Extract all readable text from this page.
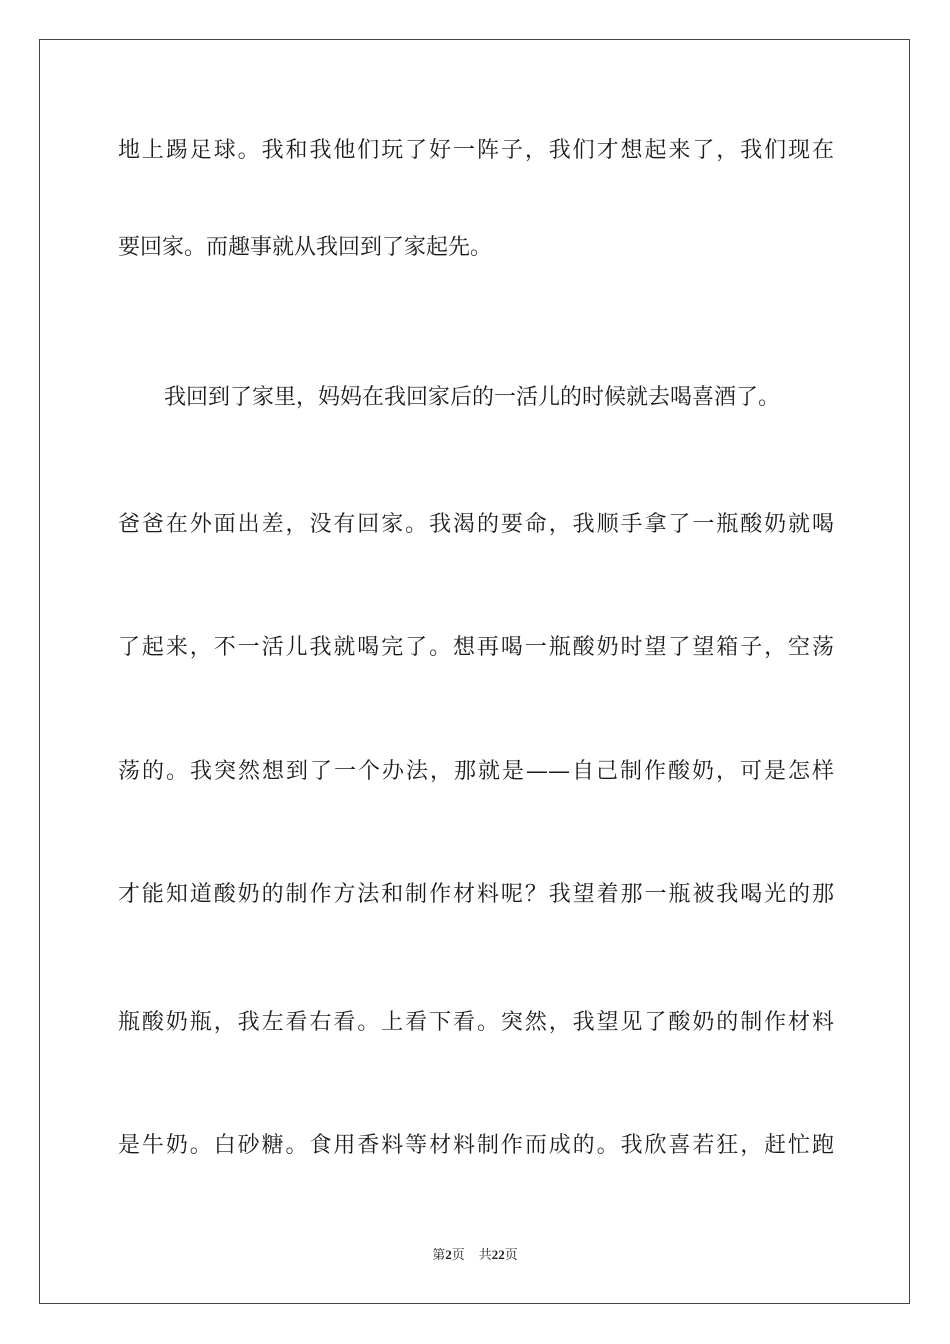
地上踢足球。我和我他们玩了好一阵子，我们才想起来了，我们现在
要回家。而趣事就从我回到了家起先。
我回到了家里，妈妈在我回家后的一活儿的时候就去喝喜酒了。
爸爸在外面出差，没有回家。我渴的要命，我顺手拿了一瓶酸奶就喝
了起来，不一活儿我就喝完了。想再喝一瓶酸奶时望了望箱子，空荡
荡的。我突然想到了一个办法，那就是——自己制作酸奶，可是怎样
才能知道酸奶的制作方法和制作材料呢？我望着那一瓶被我喝光的那
瓶酸奶瓶，我左看右看。上看下看。突然，我望见了酸奶的制作材料
是牛奶。白砂糖。食用香料等材料制作而成的。我欣喜若狂，赶忙跑
第2页 共22页
